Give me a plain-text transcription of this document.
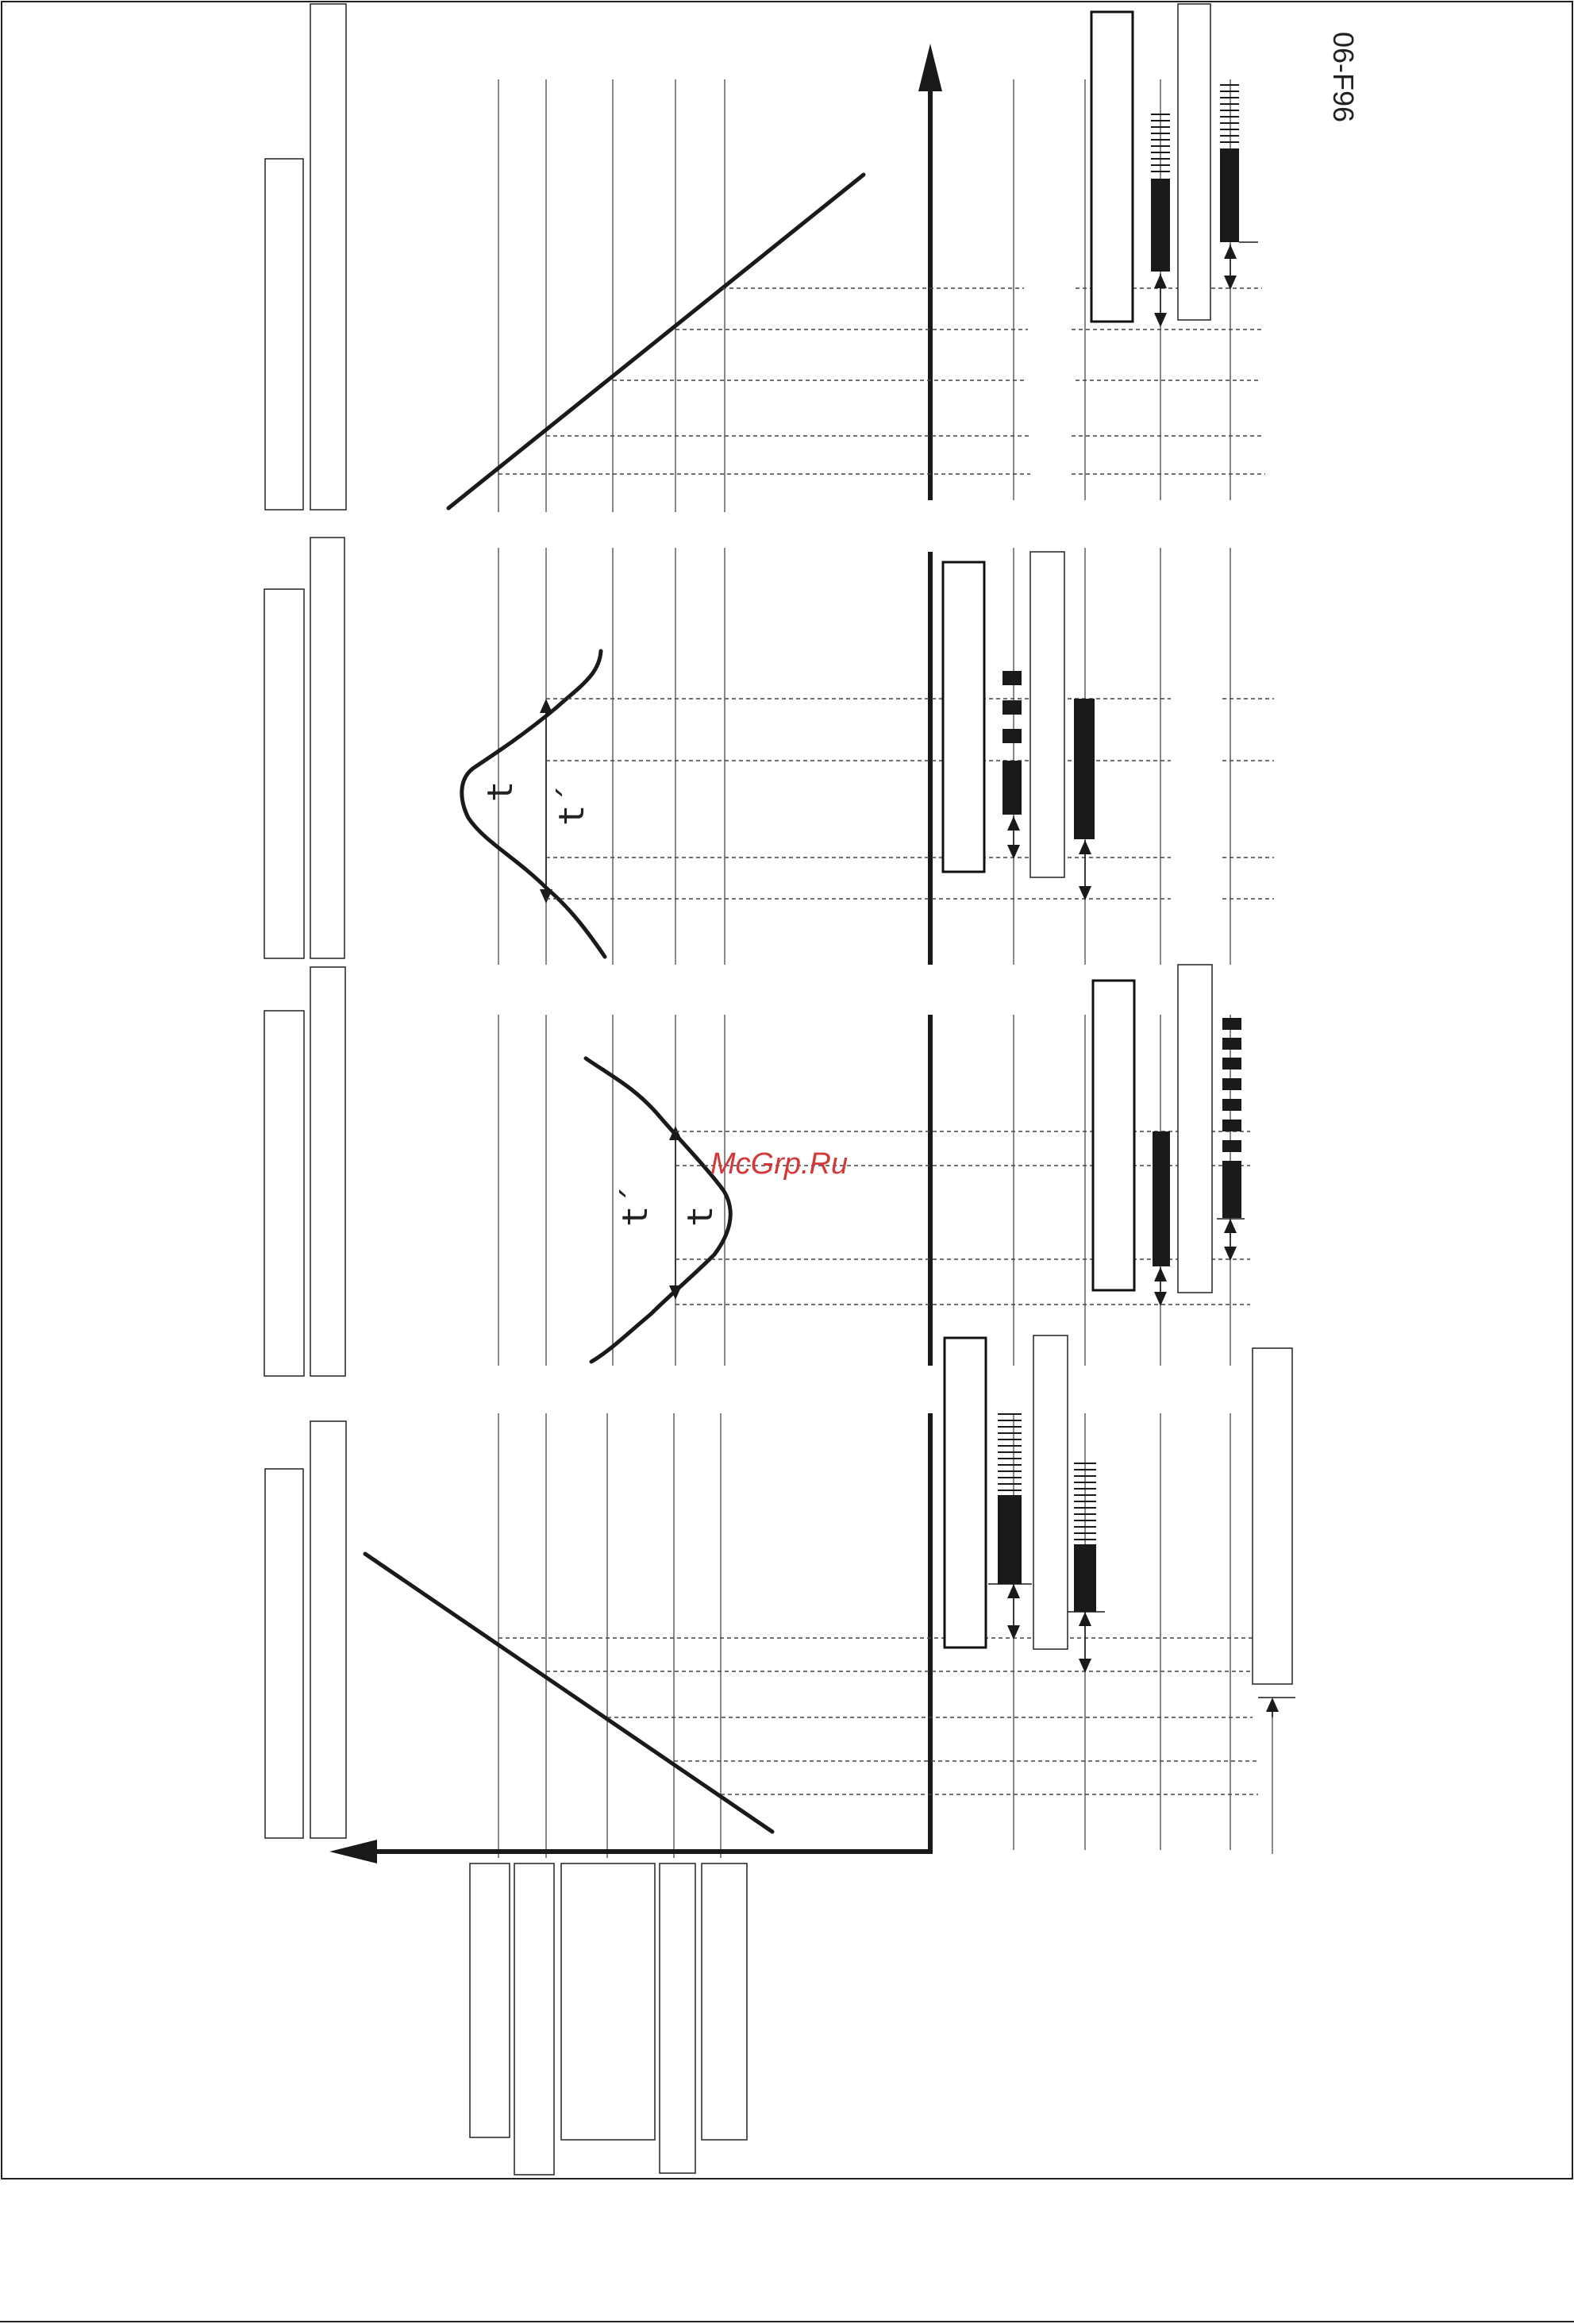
06-F96
t t´
t´ t
McGrp.Ru
